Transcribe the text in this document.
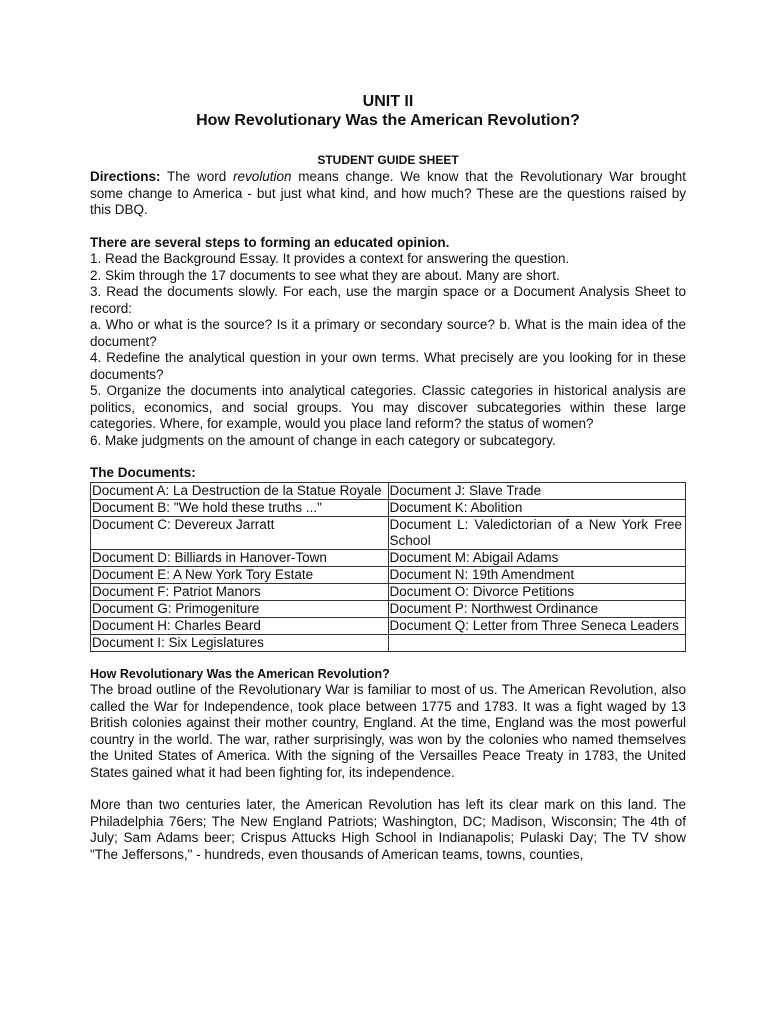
UNIT II
How Revolutionary Was the American Revolution?
STUDENT GUIDE SHEET

Directions: The word revolution means change. We know that the Revolutionary War brought some change to America - but just what kind, and how much? These are the questions raised by this DBQ.

There are several steps to forming an educated opinion.

1. Read the Background Essay. It provides a context for answering the question.

2. Skim through the 17 documents to see what they are about. Many are short.

3. Read the documents slowly. For each, use the margin space or a Document Analysis Sheet to record:

a. Who or what is the source? Is it a primary or secondary source? b. What is the main idea of the document?

4. Redefine the analytical question in your own terms. What precisely are you looking for in these documents?

5. Organize the documents into analytical categories. Classic categories in historical analysis are politics, economics, and social groups. You may discover subcategories within these large categories. Where, for example, would you place land reform? the status of women?

6. Make judgments on the amount of change in each category or subcategory.

The Documents:

Document A: La Destruction de la Statue Royale	Document J: Slave Trade
Document B: "We hold these truths ..."	Document K: Abolition
Document C: Devereux Jarratt	Document L: Valedictorian of a New York Free School
Document D: Billiards in Hanover-Town	Document M: Abigail Adams
Document E: A New York Tory Estate	Document N: 19th Amendment
Document F: Patriot Manors	Document O: Divorce Petitions
Document G: Primogeniture	Document P: Northwest Ordinance
Document H: Charles Beard	Document Q: Letter from Three Seneca Leaders
Document I: Six Legislatures	

How Revolutionary Was the American Revolution?

The broad outline of the Revolutionary War is familiar to most of us. The American Revolution, also called the War for Independence, took place between 1775 and 1783. It was a fight waged by 13 British colonies against their mother country, England. At the time, England was the most powerful country in the world. The war, rather surprisingly, was won by the colonies who named themselves the United States of America. With the signing of the Versailles Peace Treaty in 1783, the United States gained what it had been fighting for, its independence.

More than two centuries later, the American Revolution has left its clear mark on this land. The Philadelphia 76ers; The New England Patriots; Washington, DC; Madison, Wisconsin; The 4th of July; Sam Adams beer; Crispus Attucks High School in Indianapolis; Pulaski Day; The TV show "The Jeffersons," - hundreds, even thousands of American teams, towns, counties,
